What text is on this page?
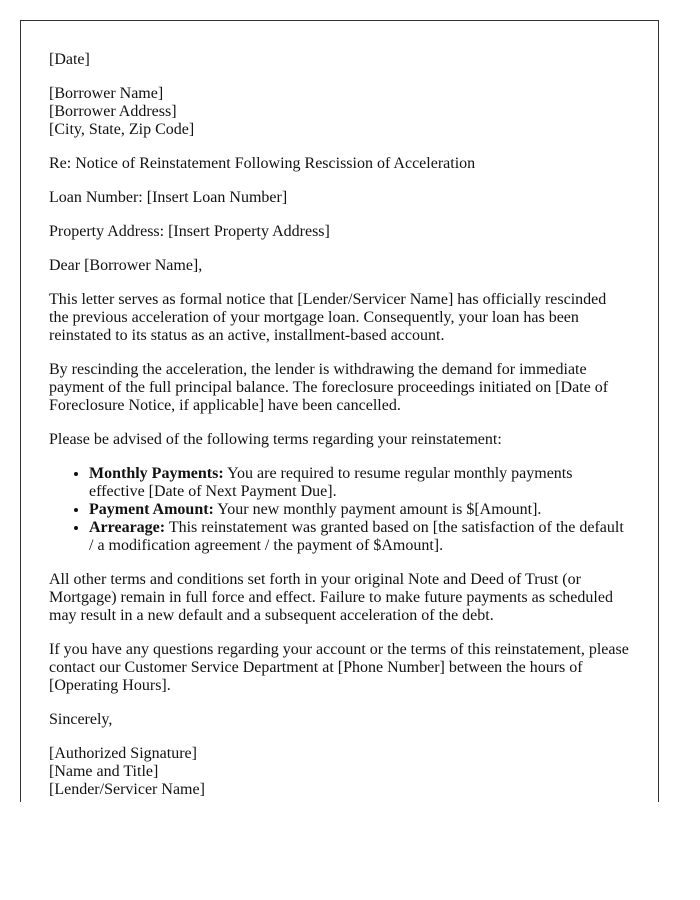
[Date]

[Borrower Name]
[Borrower Address]
[City, State, Zip Code]

Re: Notice of Reinstatement Following Rescission of Acceleration

Loan Number: [Insert Loan Number]

Property Address: [Insert Property Address]

Dear [Borrower Name],

This letter serves as formal notice that [Lender/Servicer Name] has officially rescinded the previous acceleration of your mortgage loan. Consequently, your loan has been reinstated to its status as an active, installment-based account.

By rescinding the acceleration, the lender is withdrawing the demand for immediate payment of the full principal balance. The foreclosure proceedings initiated on [Date of Foreclosure Notice, if applicable] have been cancelled.

Please be advised of the following terms regarding your reinstatement:

• Monthly Payments: You are required to resume regular monthly payments effective [Date of Next Payment Due].
• Payment Amount: Your new monthly payment amount is $[Amount].
• Arrearage: This reinstatement was granted based on [the satisfaction of the default / a modification agreement / the payment of $Amount].

All other terms and conditions set forth in your original Note and Deed of Trust (or Mortgage) remain in full force and effect. Failure to make future payments as scheduled may result in a new default and a subsequent acceleration of the debt.

If you have any questions regarding your account or the terms of this reinstatement, please contact our Customer Service Department at [Phone Number] between the hours of [Operating Hours].

Sincerely,

[Authorized Signature]
[Name and Title]
[Lender/Servicer Name]
